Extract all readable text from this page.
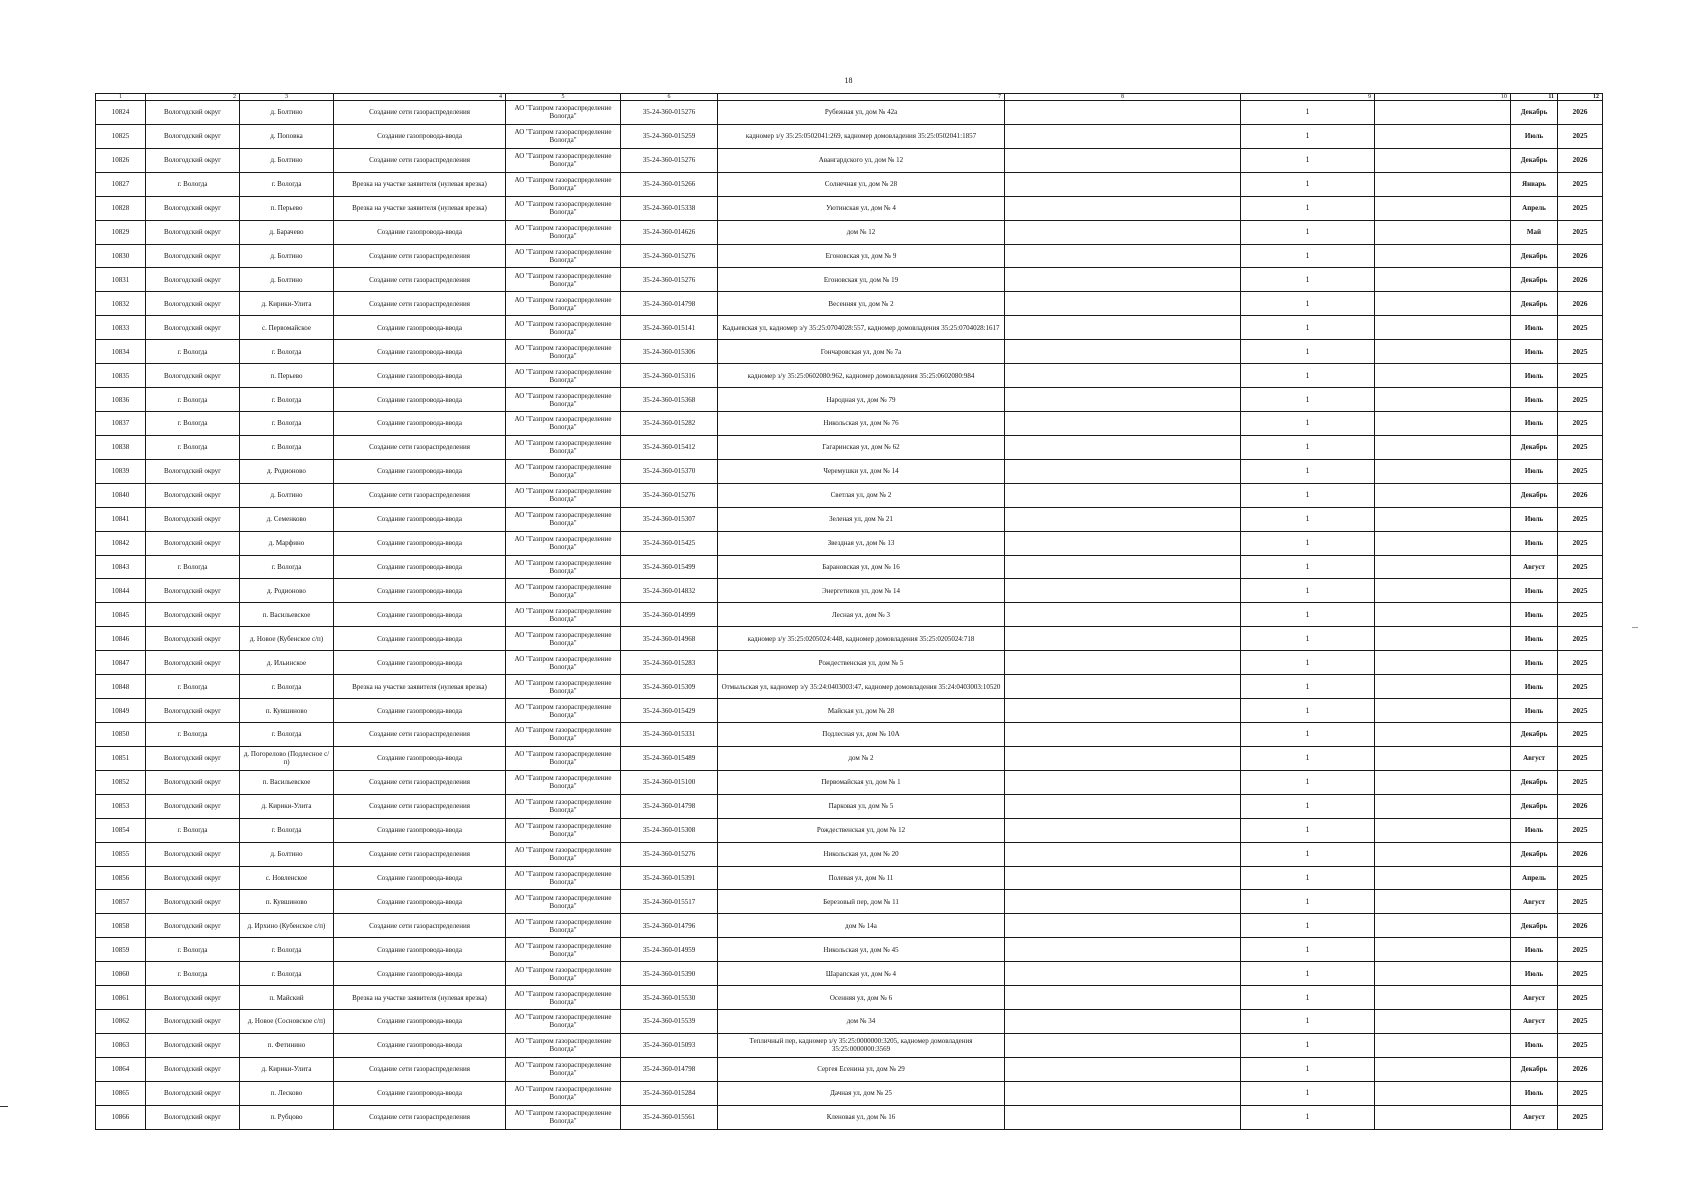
18
1	2	3	4	5	6	7	8	9	10	11	12
10824	Вологодский округ	д. Болтино	Создание сети газораспределения	АО "Газпром газораспределение Вологда"	35-24-360-015276	Рубежная ул, дом № 42а		1		Декабрь	2026
10825	Вологодский округ	д. Поповка	Создание газопровода-ввода	АО "Газпром газораспределение Вологда"	35-24-360-015259	кадномер з/у 35:25:0502041:269, кадномер домовладения 35:25:0502041:1857		1		Июль	2025
10826	Вологодский округ	д. Болтино	Создание сети газораспределения	АО "Газпром газораспределение Вологда"	35-24-360-015276	Авангардского ул, дом № 12		1		Декабрь	2026
10827	г. Вологда	г. Вологда	Врезка на участке заявителя (нулевая врезка)	АО "Газпром газораспределение Вологда"	35-24-360-015266	Солнечная ул, дом № 28		1		Январь	2025
10828	Вологодский округ	п. Перьево	Врезка на участке заявителя (нулевая врезка)	АО "Газпром газораспределение Вологда"	35-24-360-015338	Уютинская ул, дом № 4		1		Апрель	2025
10829	Вологодский округ	д. Барачево	Создание газопровода-ввода	АО "Газпром газораспределение Вологда"	35-24-360-014626	дом № 12		1		Май	2025
10830	Вологодский округ	д. Болтино	Создание сети газораспределения	АО "Газпром газораспределение Вологда"	35-24-360-015276	Егоновская ул, дом № 9		1		Декабрь	2026
10831	Вологодский округ	д. Болтино	Создание сети газораспределения	АО "Газпром газораспределение Вологда"	35-24-360-015276	Егоновская ул, дом № 19		1		Декабрь	2026
10832	Вологодский округ	д. Кирики-Улита	Создание сети газораспределения	АО "Газпром газораспределение Вологда"	35-24-360-014798	Весенняя ул, дом № 2		1		Декабрь	2026
10833	Вологодский округ	с. Первомайское	Создание газопровода-ввода	АО "Газпром газораспределение Вологда"	35-24-360-015141	Кадыевская ул, кадномер з/у 35:25:0704028:557, кадномер домовладения 35:25:0704028:1617		1		Июль	2025
10834	г. Вологда	г. Вологда	Создание газопровода-ввода	АО "Газпром газораспределение Вологда"	35-24-360-015306	Гончаровская ул, дом № 7а		1		Июль	2025
10835	Вологодский округ	п. Перьево	Создание газопровода-ввода	АО "Газпром газораспределение Вологда"	35-24-360-015316	кадномер з/у 35:25:0602080:962, кадномер домовладения 35:25:0602080:984		1		Июль	2025
10836	г. Вологда	г. Вологда	Создание газопровода-ввода	АО "Газпром газораспределение Вологда"	35-24-360-015368	Народная ул, дом № 79		1		Июль	2025
10837	г. Вологда	г. Вологда	Создание газопровода-ввода	АО "Газпром газораспределение Вологда"	35-24-360-015282	Никольская ул, дом № 76		1		Июль	2025
10838	г. Вологда	г. Вологда	Создание сети газораспределения	АО "Газпром газораспределение Вологда"	35-24-360-015412	Гагаринская ул, дом № 62		1		Декабрь	2025
10839	Вологодский округ	д. Родионово	Создание газопровода-ввода	АО "Газпром газораспределение Вологда"	35-24-360-015370	Черемушки ул, дом № 14		1		Июль	2025
10840	Вологодский округ	д. Болтино	Создание сети газораспределения	АО "Газпром газораспределение Вологда"	35-24-360-015276	Светлая ул, дом № 2		1		Декабрь	2026
10841	Вологодский округ	д. Семенково	Создание газопровода-ввода	АО "Газпром газораспределение Вологда"	35-24-360-015307	Зеленая ул, дом № 21		1		Июль	2025
10842	Вологодский округ	д. Марфино	Создание газопровода-ввода	АО "Газпром газораспределение Вологда"	35-24-360-015425	Звездная ул, дом № 13		1		Июль	2025
10843	г. Вологда	г. Вологда	Создание газопровода-ввода	АО "Газпром газораспределение Вологда"	35-24-360-015499	Барановская ул, дом № 16		1		Август	2025
10844	Вологодский округ	д. Родионово	Создание газопровода-ввода	АО "Газпром газораспределение Вологда"	35-24-360-014832	Энергетиков ул, дом № 14		1		Июль	2025
10845	Вологодский округ	п. Васильевское	Создание газопровода-ввода	АО "Газпром газораспределение Вологда"	35-24-360-014999	Лесная ул, дом № 3		1		Июль	2025
10846	Вологодский округ	д. Новое (Кубенское с/п)	Создание газопровода-ввода	АО "Газпром газораспределение Вологда"	35-24-360-014968	кадномер з/у 35:25:0205024:448, кадномер домовладения 35:25:0205024:718		1		Июль	2025
10847	Вологодский округ	д. Ильинское	Создание газопровода-ввода	АО "Газпром газораспределение Вологда"	35-24-360-015283	Рождественская ул, дом № 5		1		Июль	2025
10848	г. Вологда	г. Вологда	Врезка на участке заявителя (нулевая врезка)	АО "Газпром газораспределение Вологда"	35-24-360-015309	Отмыльская ул, кадномер з/у 35:24:0403003:47, кадномер домовладения 35:24:0403003:10520		1		Июль	2025
10849	Вологодский округ	п. Кувшиново	Создание газопровода-ввода	АО "Газпром газораспределение Вологда"	35-24-360-015429	Майская ул, дом № 28		1		Июль	2025
10850	г. Вологда	г. Вологда	Создание сети газораспределения	АО "Газпром газораспределение Вологда"	35-24-360-015331	Подлесная ул, дом № 10А		1		Декабрь	2025
10851	Вологодский округ	д. Погорелово (Подлесное с/п)	Создание газопровода-ввода	АО "Газпром газораспределение Вологда"	35-24-360-015489	дом № 2		1		Август	2025
10852	Вологодский округ	п. Васильевское	Создание сети газораспределения	АО "Газпром газораспределение Вологда"	35-24-360-015100	Первомайская ул, дом № 1		1		Декабрь	2025
10853	Вологодский округ	д. Кирики-Улита	Создание сети газораспределения	АО "Газпром газораспределение Вологда"	35-24-360-014798	Парковая ул, дом № 5		1		Декабрь	2026
10854	г. Вологда	г. Вологда	Создание газопровода-ввода	АО "Газпром газораспределение Вологда"	35-24-360-015308	Рождественская ул, дом № 12		1		Июль	2025
10855	Вологодский округ	д. Болтино	Создание сети газораспределения	АО "Газпром газораспределение Вологда"	35-24-360-015276	Никольская ул, дом № 20		1		Декабрь	2026
10856	Вологодский округ	с. Новленское	Создание газопровода-ввода	АО "Газпром газораспределение Вологда"	35-24-360-015391	Полевая ул, дом № 11		1		Апрель	2025
10857	Вологодский округ	п. Кувшиново	Создание газопровода-ввода	АО "Газпром газораспределение Вологда"	35-24-360-015517	Березовый пер, дом № 11		1		Август	2025
10858	Вологодский округ	д. Ирхино (Кубенское с/п)	Создание сети газораспределения	АО "Газпром газораспределение Вологда"	35-24-360-014796	дом № 14а		1		Декабрь	2026
10859	г. Вологда	г. Вологда	Создание газопровода-ввода	АО "Газпром газораспределение Вологда"	35-24-360-014959	Никольская ул, дом № 45		1		Июль	2025
10860	г. Вологда	г. Вологда	Создание газопровода-ввода	АО "Газпром газораспределение Вологда"	35-24-360-015390	Шарапская ул, дом № 4		1		Июль	2025
10861	Вологодский округ	п. Майский	Врезка на участке заявителя (нулевая врезка)	АО "Газпром газораспределение Вологда"	35-24-360-015530	Осенняя ул, дом № 6		1		Август	2025
10862	Вологодский округ	д. Новое (Сосновское с/п)	Создание газопровода-ввода	АО "Газпром газораспределение Вологда"	35-24-360-015539	дом № 34		1		Август	2025
10863	Вологодский округ	п. Фетинино	Создание газопровода-ввода	АО "Газпром газораспределение Вологда"	35-24-360-015093	Тепличный пер, кадномер з/у 35:25:0000000:3205, кадномер домовладения 35:25:0000000:3569		1		Июль	2025
10864	Вологодский округ	д. Кирики-Улита	Создание сети газораспределения	АО "Газпром газораспределение Вологда"	35-24-360-014798	Сергея Есенина ул, дом № 29		1		Декабрь	2026
10865	Вологодский округ	п. Лесково	Создание газопровода-ввода	АО "Газпром газораспределение Вологда"	35-24-360-015284	Дачная ул, дом № 25		1		Июль	2025
10866	Вологодский округ	п. Рубцово	Создание сети газораспределения	АО "Газпром газораспределение Вологда"	35-24-360-015561	Кленовая ул, дом № 16		1		Август	2025
